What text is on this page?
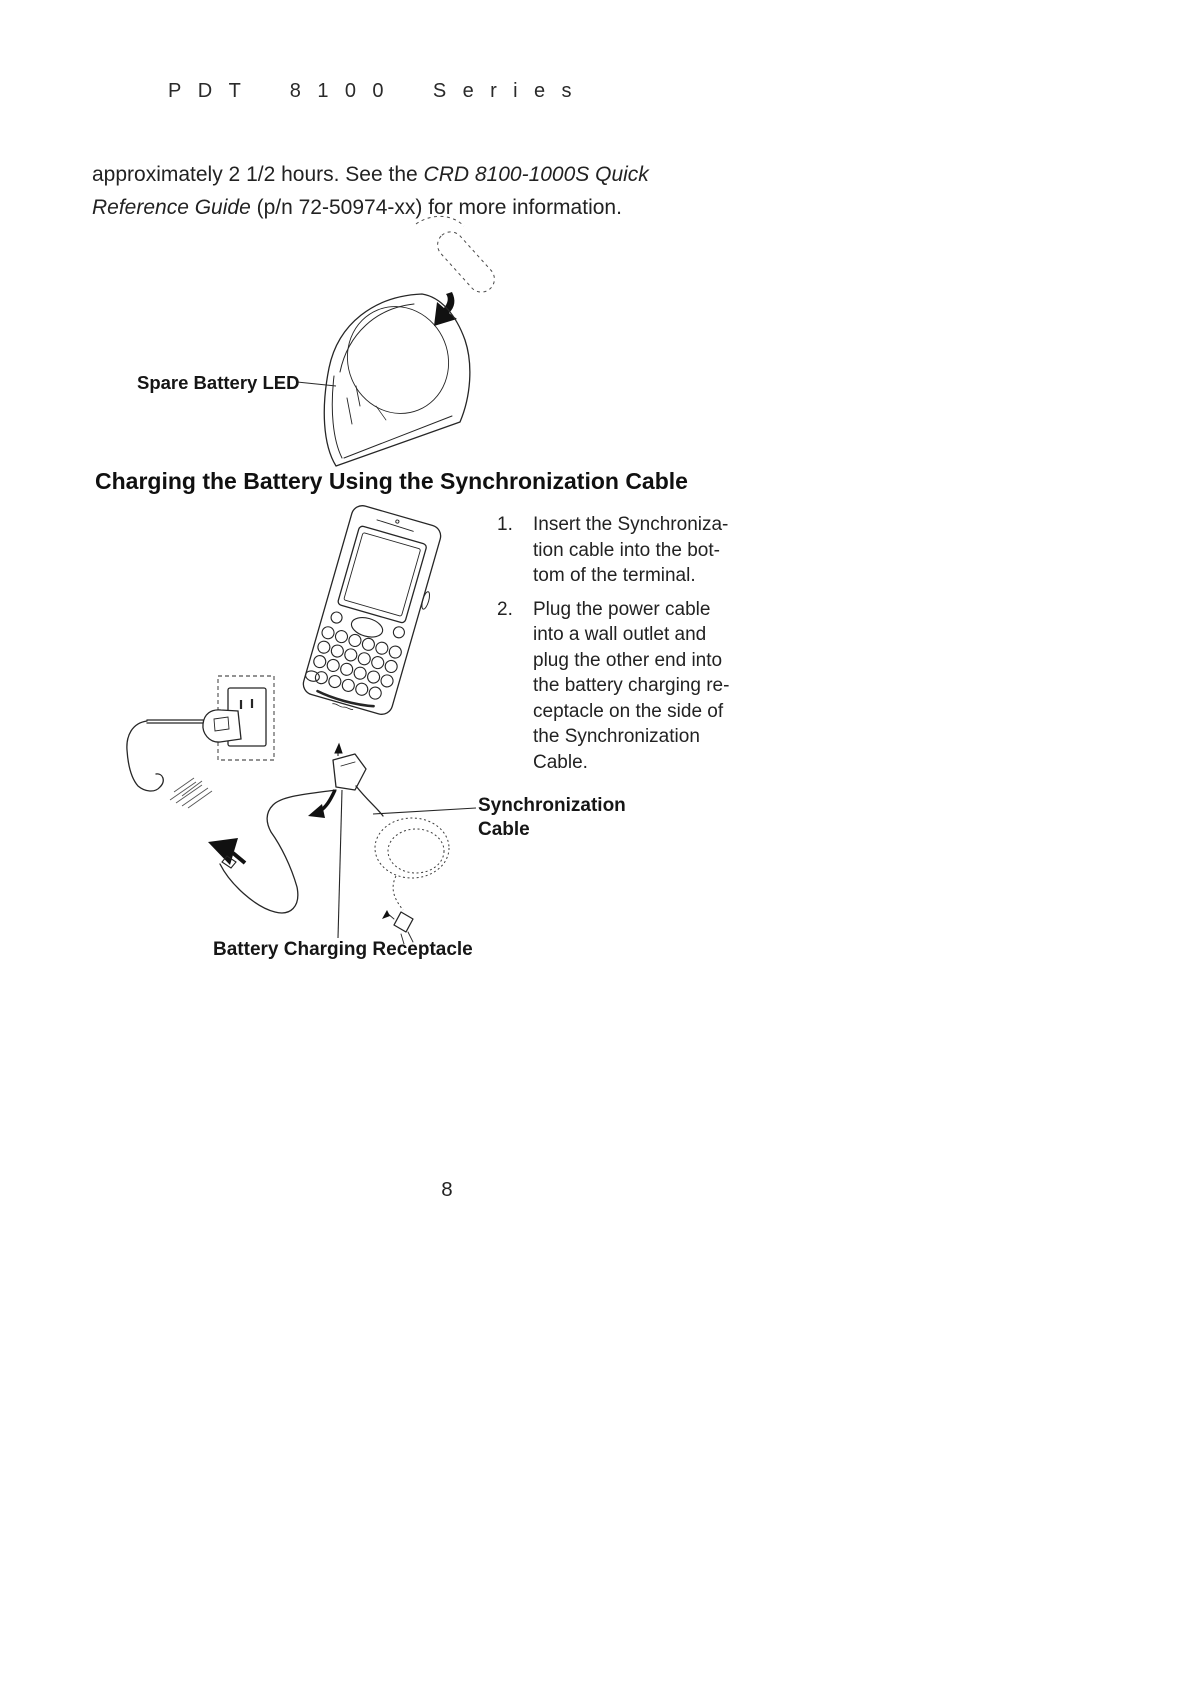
PDT 8100 Series
approximately 2 1/2 hours. See the CRD 8100-1000S Quick
Reference Guide (p/n 72-50974-xx) for more information.
Spare Battery LED
Charging the Battery Using the Synchronization Cable
1.	Insert the Synchroniza-
tion cable into the bot-
tom of the terminal.
2.	Plug the power cable
into a wall outlet and
plug the other end into
the battery charging re-
ceptacle on the side of
the Synchronization
Cable.
Synchronization
Cable
Battery Charging Receptacle
8
